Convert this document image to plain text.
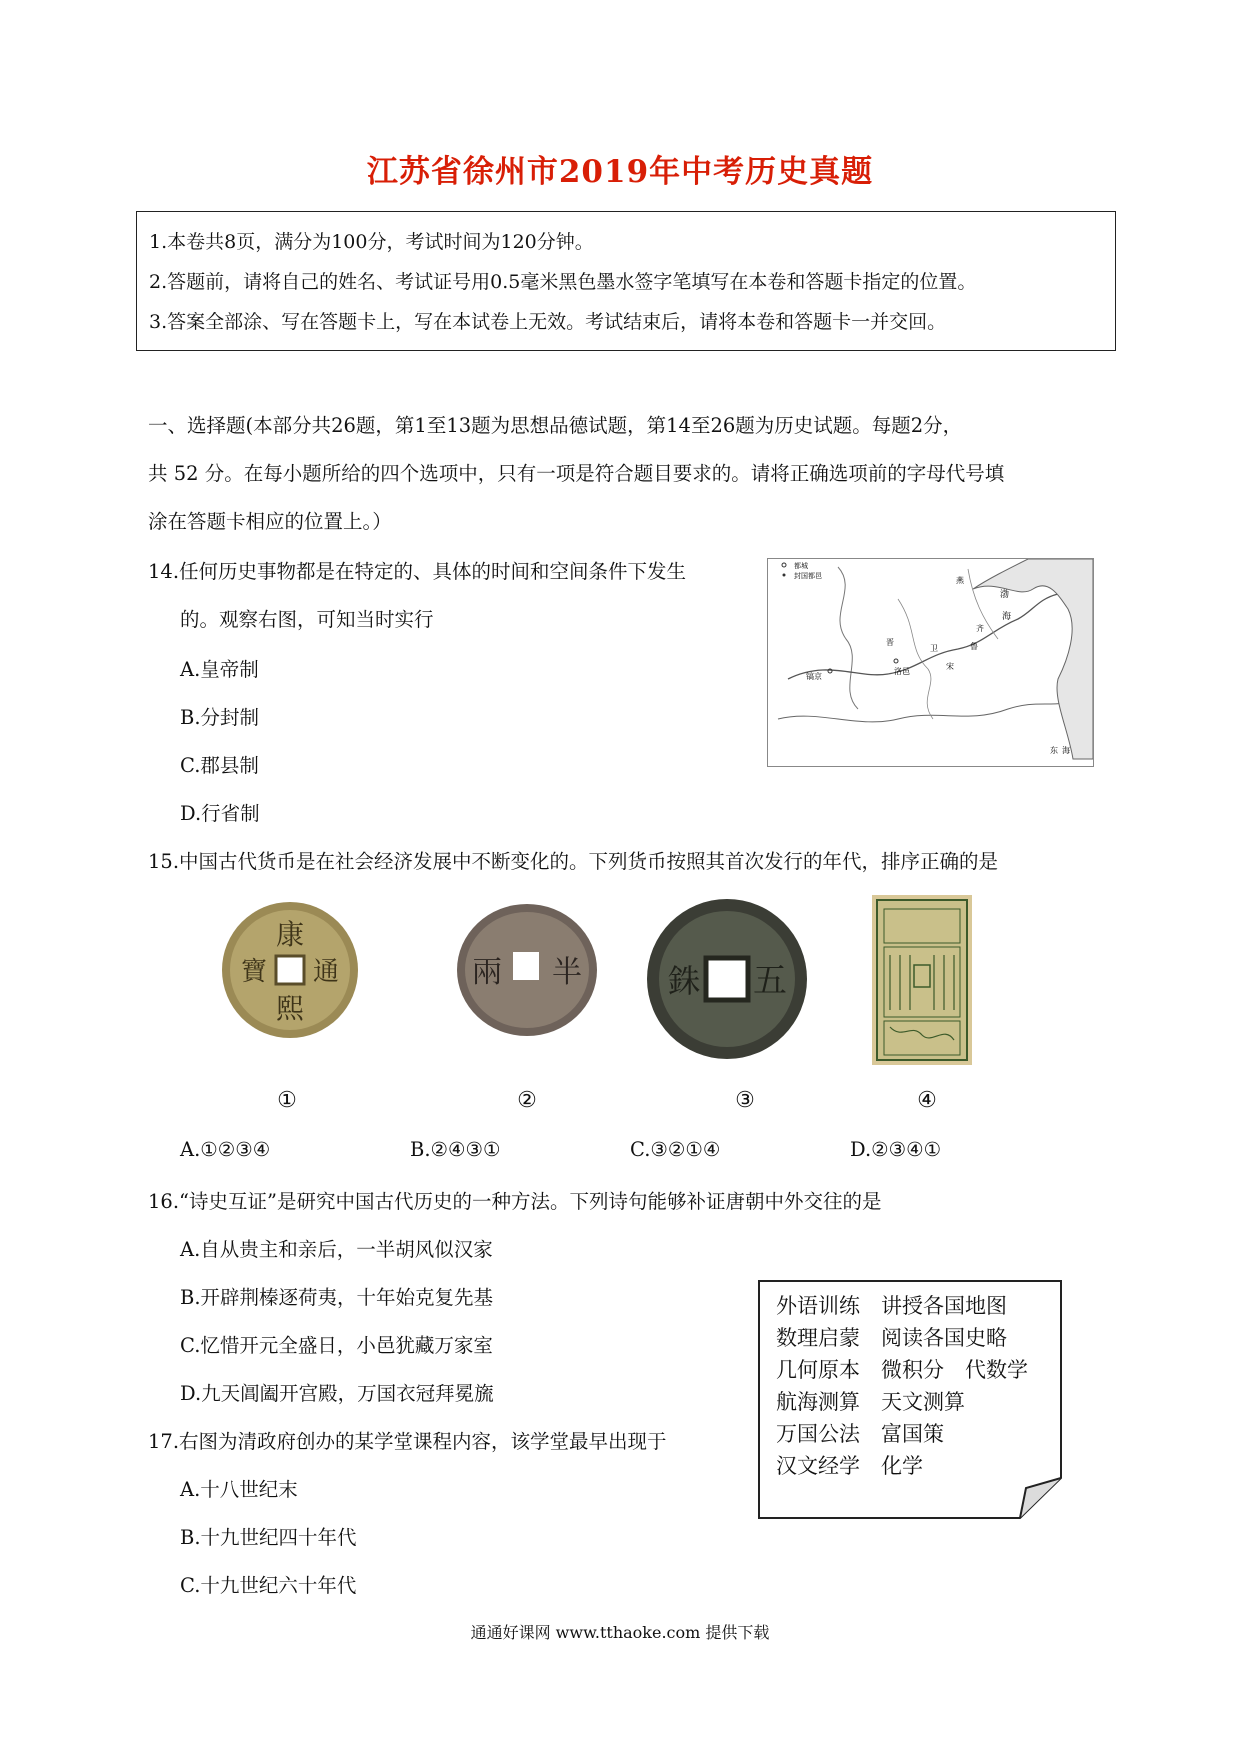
江苏省徐州市2019年中考历史真题
1.本卷共8页，满分为100分，考试时间为120分钟。
2.答题前，请将自己的姓名、考试证号用0.5毫米黑色墨水签字笔填写在本卷和答题卡指定的位置。
3.答案全部涂、写在答题卡上，写在本试卷上无效。考试结束后，请将本卷和答题卡一并交回。
一、选择题(本部分共26题，第1至13题为思想品德试题，第14至26题为历史试题。每题2分，
共 52 分。在每小题所给的四个选项中，只有一项是符合题目要求的。请将正确选项前的字母代号填
涂在答题卡相应的位置上。）
14.任何历史事物都是在特定的、具体的时间和空间条件下发生
的。观察右图，可知当时实行
A.皇帝制
B.分封制
C.郡县制
D.行省制
都城
封国都邑	燕
渤
海
齐
鲁
晋
卫
宋
镐京
洛邑
东 海
15.中国古代货币是在社会经济发展中不断变化的。下列货币按照其首次发行的年代，排序正确的是
康
熙
通
寶	半
兩	五
銖
①	②	③	④
A.①②③④	B.②④③①	C.③②①④	D.②③④①
16.“诗史互证”是研究中国古代历史的一种方法。下列诗句能够补证唐朝中外交往的是
A.自从贵主和亲后，一半胡风似汉家
B.开辟荆榛逐荷夷，十年始克复先基
C.忆惜开元全盛日，小邑犹藏万家室
D.九天阊阖开宫殿，万国衣冠拜冕旒
外语训练　讲授各国地图
数理启蒙　阅读各国史略
几何原本　微积分　代数学
航海测算　天文测算
万国公法　富国策
汉文经学　化学
17.右图为清政府创办的某学堂课程内容，该学堂最早出现于
A.十八世纪末
B.十九世纪四十年代
C.十九世纪六十年代
通通好课网 www.tthaoke.com 提供下载
